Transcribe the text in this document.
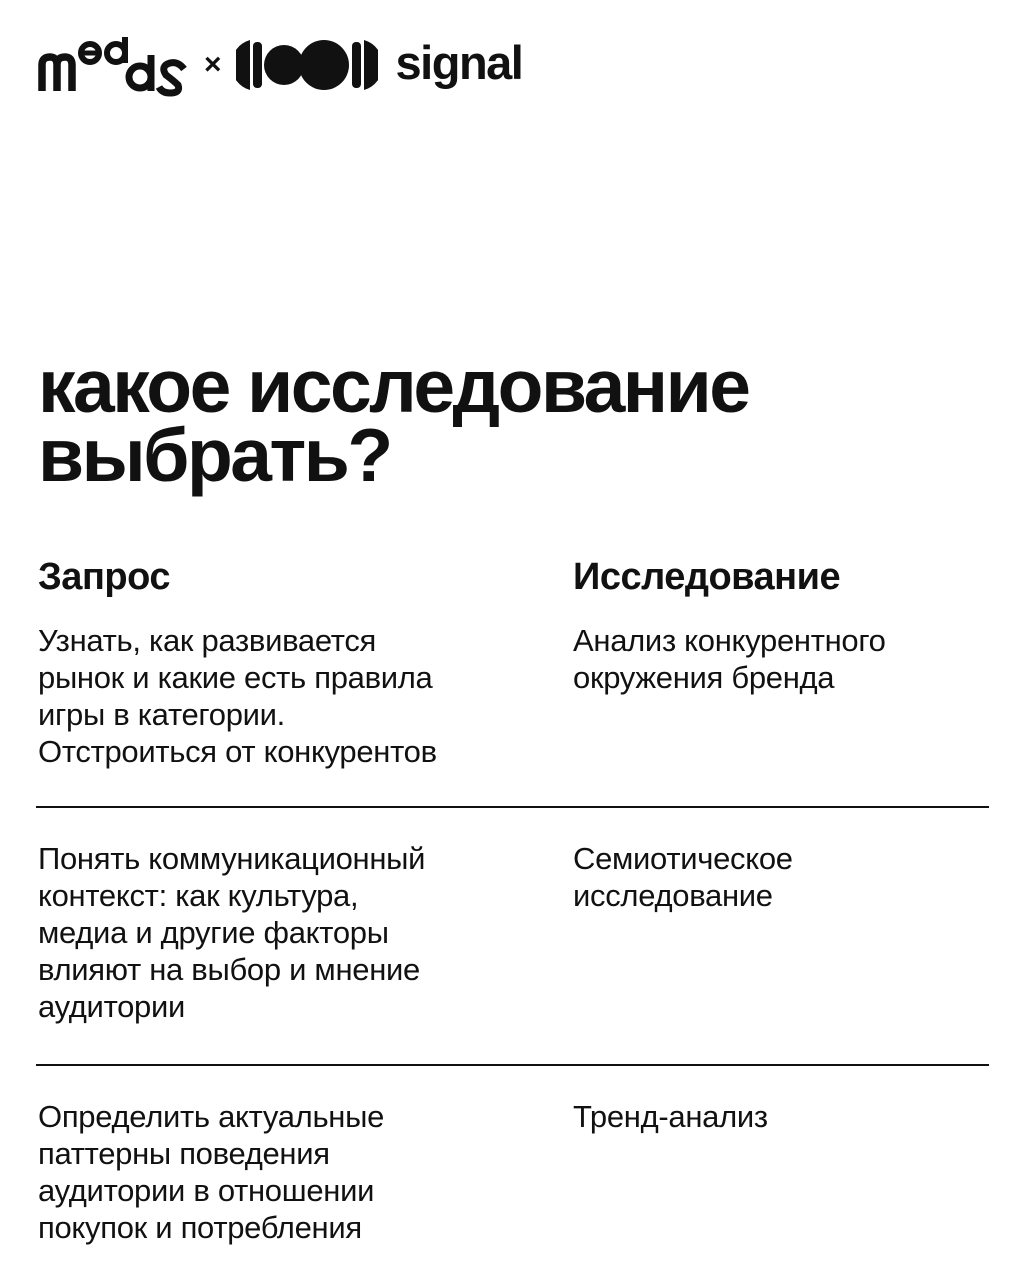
×	signal
какое исследование
выбрать?
Запрос	Исследование

Узнать, как развивается
рынок и какие есть правила
игры в категории.
Отстроиться от конкурентов

Анализ конкурентного
окружения бренда

Понять коммуникационный
контекст: как культура,
медиа и другие факторы
влияют на выбор и мнение
аудитории

Семиотическое
исследование

Определить актуальные
паттерны поведения
аудитории в отношении
покупок и потребления

Тренд-анализ
